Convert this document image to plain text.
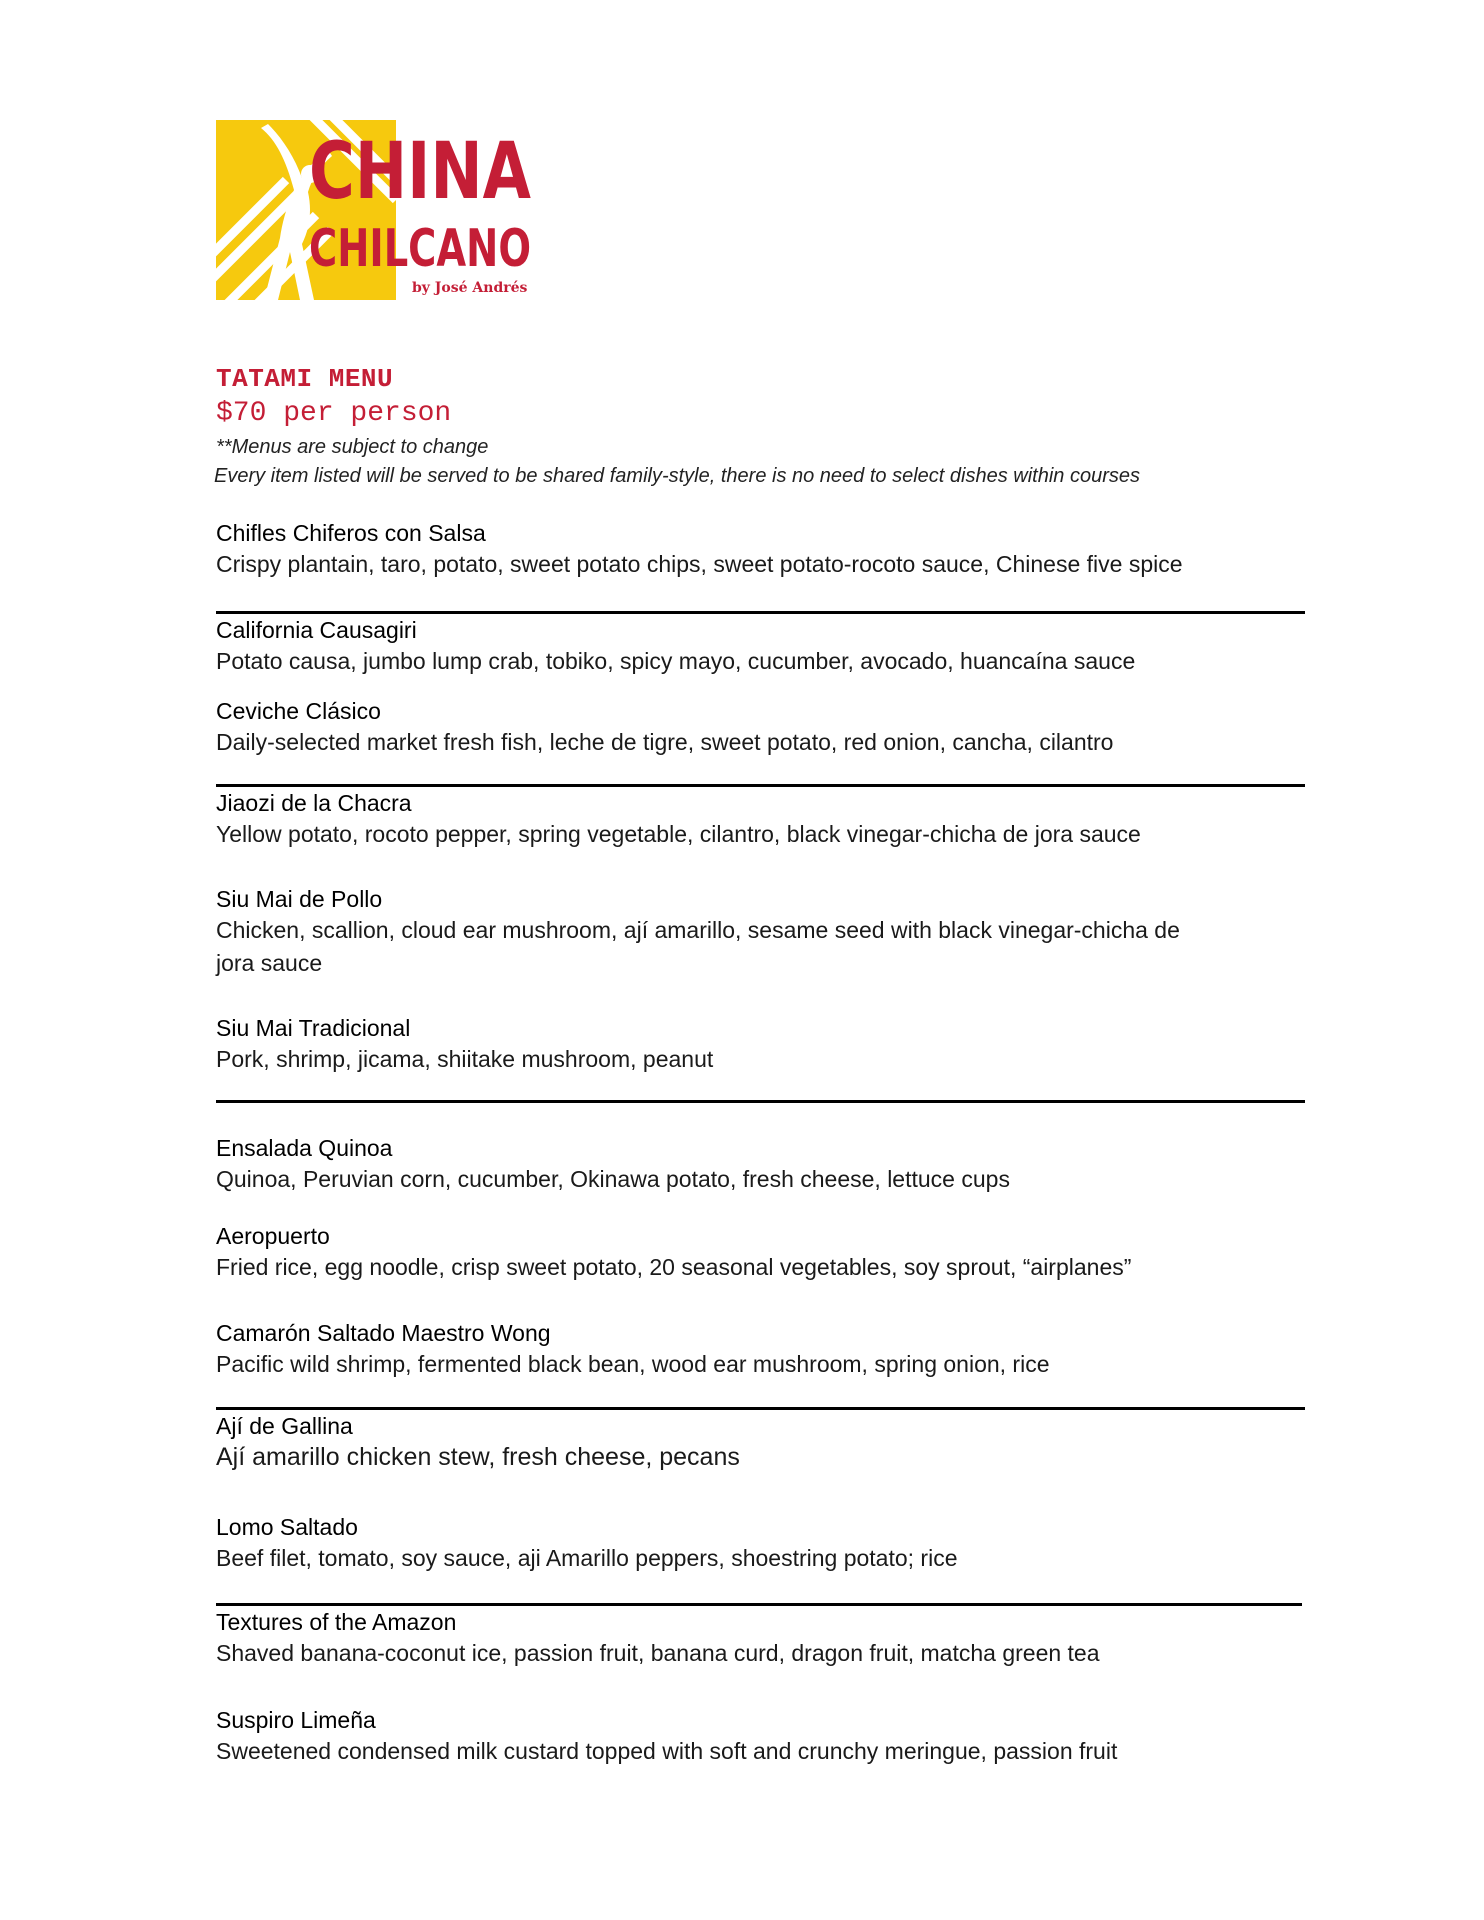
CHINA
CHILCANO
by José Andrés
TATAMI MENU

$70 per person

**Menus are subject to change

Every item listed will be served to be shared family-style, there is no need to select dishes within courses

Chifles Chiferos con Salsa

Crispy plantain, taro, potato, sweet potato chips, sweet potato-rocoto sauce, Chinese five spice

California Causagiri

Potato causa, jumbo lump crab, tobiko, spicy mayo, cucumber, avocado, huancaína sauce

Ceviche Clásico

Daily-selected market fresh fish, leche de tigre, sweet potato, red onion, cancha, cilantro

Jiaozi de la Chacra

Yellow potato, rocoto pepper, spring vegetable, cilantro, black vinegar-chicha de jora sauce

Siu Mai de Pollo

Chicken, scallion, cloud ear mushroom, ají amarillo, sesame seed with black vinegar-chicha de

jora sauce

Siu Mai Tradicional

Pork, shrimp, jicama, shiitake mushroom, peanut

Ensalada Quinoa

Quinoa, Peruvian corn, cucumber, Okinawa potato, fresh cheese, lettuce cups

Aeropuerto

Fried rice, egg noodle, crisp sweet potato, 20 seasonal vegetables, soy sprout, “airplanes”

Camarón Saltado Maestro Wong

Pacific wild shrimp, fermented black bean, wood ear mushroom, spring onion, rice

Ají de Gallina

Ají amarillo chicken stew, fresh cheese, pecans

Lomo Saltado

Beef filet, tomato, soy sauce, aji Amarillo peppers, shoestring potato; rice

Textures of the Amazon

Shaved banana-coconut ice, passion fruit, banana curd, dragon fruit, matcha green tea

Suspiro Limeña

Sweetened condensed milk custard topped with soft and crunchy meringue, passion fruit
